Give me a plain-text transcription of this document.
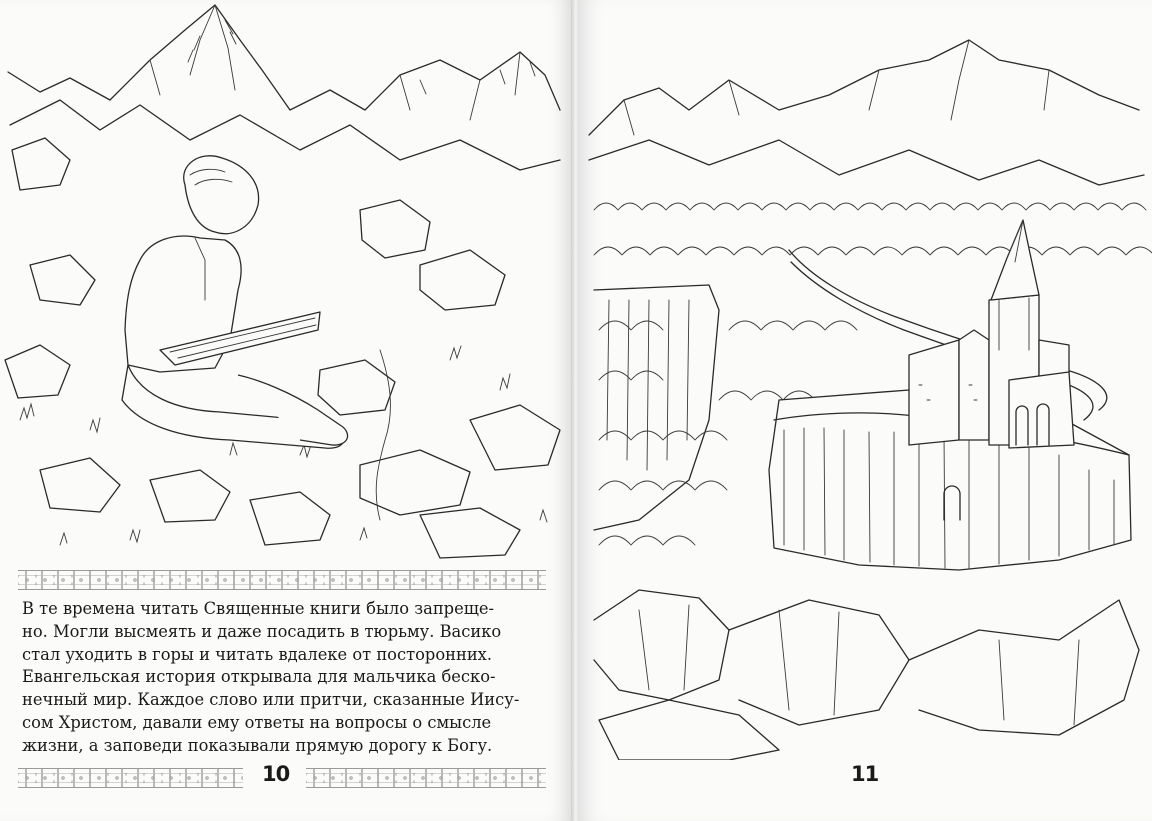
В те времена читать Священные книги было запреще-
но. Могли высмеять и даже посадить в тюрьму. Васико
стал уходить в горы и читать вдалеке от посторонних.
Евангельская история открывала для мальчика беско-
нечный мир. Каждое слово или притчи, сказанные Иису-
сом Христом, давали ему ответы на вопросы о смысле
жизни, а заповеди показывали прямую дорогу к Богу.

10	11
